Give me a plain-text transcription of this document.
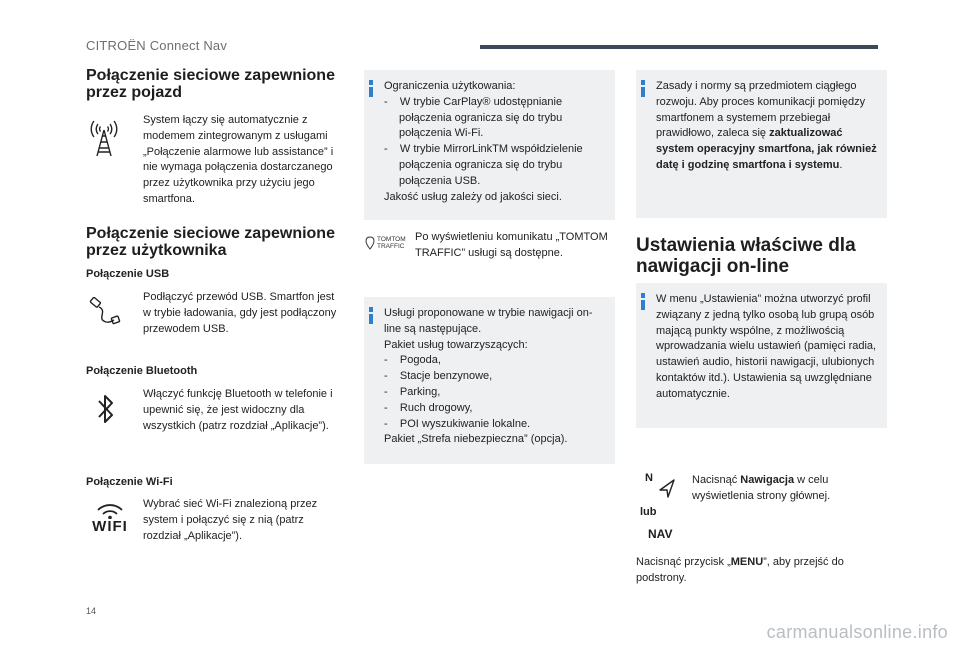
CITROËN Connect Nav
Połączenie sieciowe zapewnione przez pojazd
System łączy się automatycznie z modemem zintegrowanym z usługami „Połączenie alarmowe lub assistance” i nie wymaga połączenia dostarczanego przez użytkownika przy użyciu jego smartfona.
Połączenie sieciowe zapewnione przez użytkownika
Połączenie USB
Podłączyć przewód USB. Smartfon jest w trybie ładowania, gdy jest podłączony przewodem USB.
Połączenie Bluetooth
Włączyć funkcję Bluetooth w telefonie i upewnić się, że jest widoczny dla wszystkich (patrz rozdział „Aplikacje”).
Połączenie Wi-Fi
WIFI
Wybrać sieć Wi-Fi znalezioną przez system i połączyć się z nią (patrz rozdział „Aplikacje”).
Ograniczenia użytkowania:
-    W trybie CarPlay® udostępnianie połączenia ogranicza się do trybu połączenia Wi-Fi.
-    W trybie MirrorLinkTM współdzielenie połączenia ogranicza się do trybu połączenia USB.
Jakość usług zależy od jakości sieci.
TOMTOM
TRAFFIC
Po wyświetleniu komunikatu „TOMTOM TRAFFIC” usługi są dostępne.
Usługi proponowane w trybie nawigacji on-line są następujące.
Pakiet usług towarzyszących:
-    Pogoda,
-    Stacje benzynowe,
-    Parking,
-    Ruch drogowy,
-    POI wyszukiwanie lokalne.
Pakiet „Strefa niebezpieczna” (opcja).
Zasady i normy są przedmiotem ciągłego rozwoju. Aby proces komunikacji pomiędzy smartfonem a systemem przebiegał prawidłowo, zaleca się zaktualizować system operacyjny smartfona, jak również datę i godzinę smartfona i systemu.
Ustawienia właściwe dla nawigacji on-line
W menu „Ustawienia” można utworzyć profil związany z jedną tylko osobą lub grupą osób mającą punkty wspólne, z możliwością wprowadzania wielu ustawień (pamięci radia, ustawień audio, historii nawigacji, ulubionych kontaktów itd.). Ustawienia są uwzględniane automatycznie.
N
lub
NAV
Nacisnąć Nawigacja w celu wyświetlenia strony głównej.
Nacisnąć przycisk „MENU”, aby przejść do podstrony.
14
carmanualsonline.info
